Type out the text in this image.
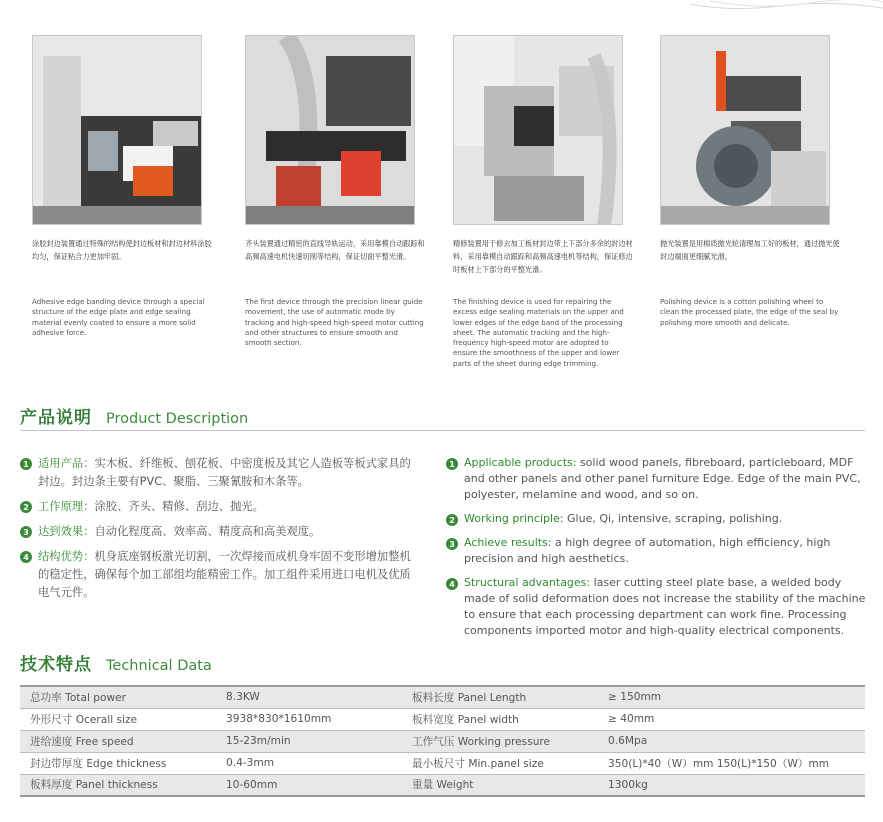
涂胶封边装置通过特殊的结构使封边板材和封边材料涂胶均匀，保证粘合力更加牢固。

Adhesive edge banding device through a special structure of the edge plate and edge sealing material evenly coated to ensure a more solid adhesive force.

齐头装置通过精密的直线导轨运动，采用靠模自动跟踪和高频高速电机快速切削等结构，保证切面平整光滑。

The first device through the precision linear guide movement, the use of automatic mode by tracking and high-speed high-speed motor cutting and other structures to ensure smooth and smooth section.

精修装置用于修去加工板材封边带上下部分多余的封边材料，采用靠模自动跟踪和高频高速电机等结构，保证修边时板材上下部分的平整光滑。

The finishing device is used for repairing the excess edge sealing materials on the upper and lower edges of the edge band of the processing sheet. The automatic tracking and the high-frequency high-speed motor are adopted to ensure the smoothness of the upper and lower parts of the sheet during edge trimming.

抛光装置是用棉质抛光轮清理加工好的板材，通过抛光使封边端面更细腻光滑。

Polishing device is a cotton polishing wheel to clean the processed plate, the edge of the seal by polishing more smooth and delicate.

产品说明 Product Description
1 适用产品：实木板、纤维板、刨花板、中密度板及其它人造板等板式家具的封边。封边条主要有PVC、聚脂、三聚氰胺和木条等。

2 工作原理：涂胶、齐头、精修、刮边、抛光。

3 达到效果：自动化程度高、效率高、精度高和高美观度。

4 结构优势：机身底座钢板激光切割，一次焊接而成机身牢固不变形增加整机的稳定性，确保每个加工部组均能精密工作。加工组件采用进口电机及优质电气元件。

1 Applicable products: solid wood panels, fibreboard, particleboard, MDF and other panels and other panel furniture Edge. Edge of the main PVC, polyester, melamine and wood, and so on.

2 Working principle: Glue, Qi, intensive, scraping, polishing.

3 Achieve results: a high degree of automation, high efficiency, high precision and high aesthetics.

4 Structural advantages: laser cutting steel plate base, a welded body made of solid deformation does not increase the stability of the machine to ensure that each processing department can work fine. Processing components imported motor and high-quality electrical components.

技术特点 Technical Data
总功率 Total power	8.3KW	板料长度 Panel Length	≥ 150mm
外形尺寸 Ocerall size	3938*830*1610mm	板料宽度 Panel width	≥ 40mm
进给速度 Free speed	15-23m/min	工作气压 Working pressure	0.6Mpa
封边带厚度 Edge thickness	0.4-3mm	最小板尺寸 Min.panel size	350(L)*40（W）mm 150(L)*150（W）mm
板料厚度 Panel thickness	10-60mm	重量 Weight	1300kg
